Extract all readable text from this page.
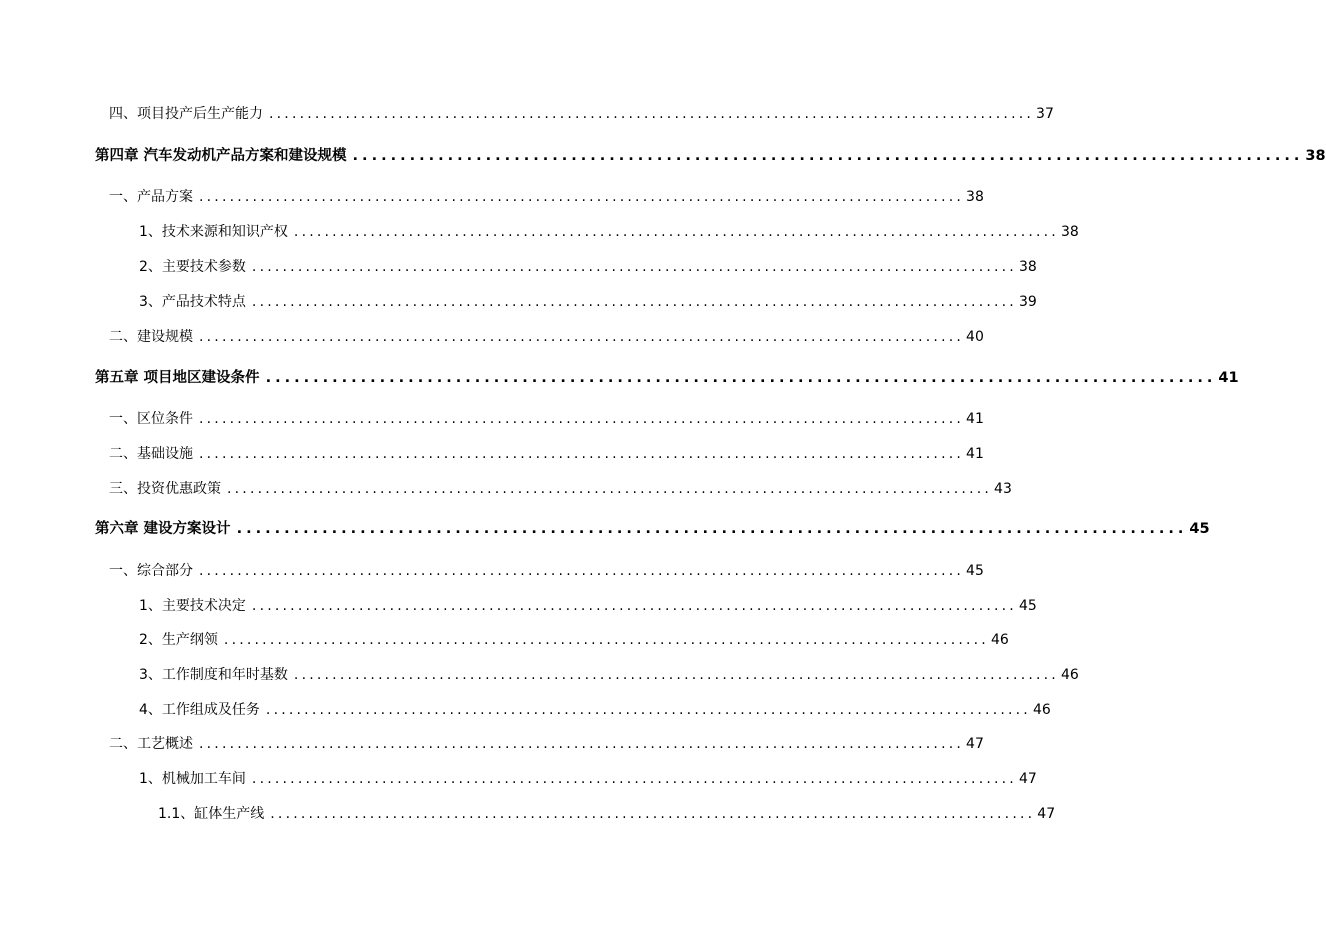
四、项目投产后生产能力 .................................................................................................... 37
第四章 汽车发动机产品方案和建设规模 .................................................................................................... 38
一、产品方案 .................................................................................................... 38
1、技术来源和知识产权 .................................................................................................... 38
2、主要技术参数 .................................................................................................... 38
3、产品技术特点 .................................................................................................... 39
二、建设规模 .................................................................................................... 40
第五章 项目地区建设条件 .................................................................................................... 41
一、区位条件 .................................................................................................... 41
二、基础设施 .................................................................................................... 41
三、投资优惠政策 .................................................................................................... 43
第六章 建设方案设计 .................................................................................................... 45
一、综合部分 .................................................................................................... 45
1、主要技术决定 .................................................................................................... 45
2、生产纲领 .................................................................................................... 46
3、工作制度和年时基数 .................................................................................................... 46
4、工作组成及任务 .................................................................................................... 46
二、工艺概述 .................................................................................................... 47
1、机械加工车间 .................................................................................................... 47
1.1、缸体生产线 .................................................................................................... 47
